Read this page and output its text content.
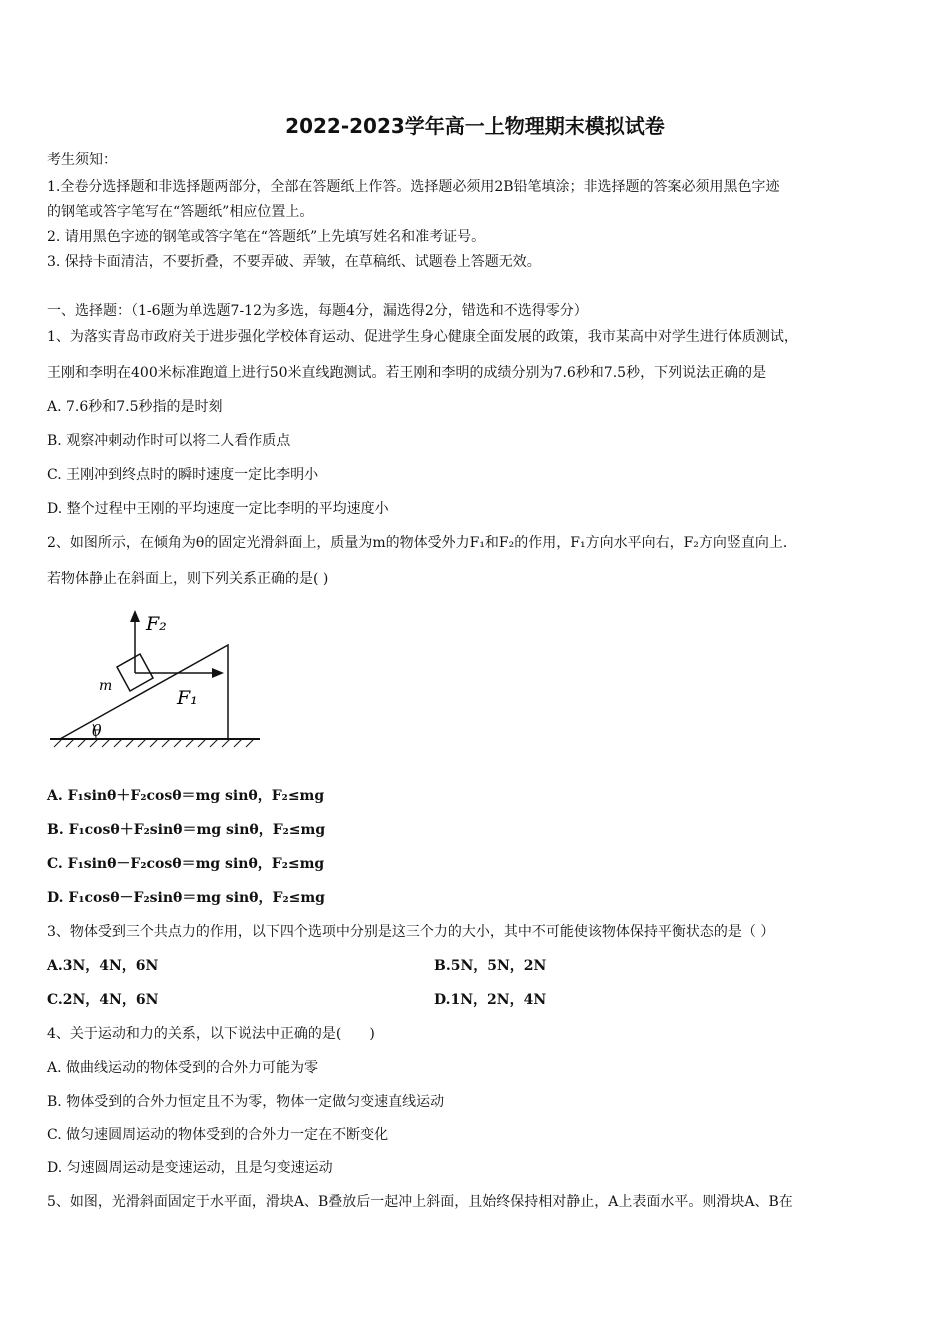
2022-2023学年高一上物理期末模拟试卷
考生须知：
1.全卷分选择题和非选择题两部分，全部在答题纸上作答。选择题必须用2B铅笔填涂；非选择题的答案必须用黑色字迹
的钢笔或答字笔写在“答题纸”相应位置上。
2. 请用黑色字迹的钢笔或答字笔在“答题纸”上先填写姓名和准考证号。
3. 保持卡面清洁，不要折叠，不要弄破、弄皱，在草稿纸、试题卷上答题无效。
一、选择题：（1-6题为单选题7-12为多选，每题4分，漏选得2分，错选和不选得零分）
1、为落实青岛市政府关于进步强化学校体育运动、促进学生身心健康全面发展的政策，我市某高中对学生进行体质测试，
王刚和李明在400米标准跑道上进行50米直线跑测试。若王刚和李明的成绩分别为7.6秒和7.5秒，下列说法正确的是
A. 7.6秒和7.5秒指的是时刻
B. 观察冲刺动作时可以将二人看作质点
C. 王刚冲到终点时的瞬时速度一定比李明小
D. 整个过程中王刚的平均速度一定比李明的平均速度小
2、如图所示，在倾角为θ的固定光滑斜面上，质量为m的物体受外力F₁和F₂的作用，F₁方向水平向右，F₂方向竖直向上．
若物体静止在斜面上，则下列关系正确的是( )
F₂
F₁
m
θ
A. F₁sinθ＋F₂cosθ＝mg sinθ，F₂≤mg
B. F₁cosθ＋F₂sinθ＝mg sinθ，F₂≤mg
C. F₁sinθ－F₂cosθ＝mg sinθ，F₂≤mg
D. F₁cosθ－F₂sinθ＝mg sinθ，F₂≤mg
3、物体受到三个共点力的作用，以下四个选项中分别是这三个力的大小，其中不可能使该物体保持平衡状态的是（ ）
A.3N，4N，6N	B.5N，5N，2N
C.2N，4N，6N	D.1N，2N，4N
4、关于运动和力的关系，以下说法中正确的是(　　)
A. 做曲线运动的物体受到的合外力可能为零
B. 物体受到的合外力恒定且不为零，物体一定做匀变速直线运动
C. 做匀速圆周运动的物体受到的合外力一定在不断变化
D. 匀速圆周运动是变速运动，且是匀变速运动
5、如图，光滑斜面固定于水平面，滑块A、B叠放后一起冲上斜面，且始终保持相对静止，A上表面水平。则滑块A、B在
